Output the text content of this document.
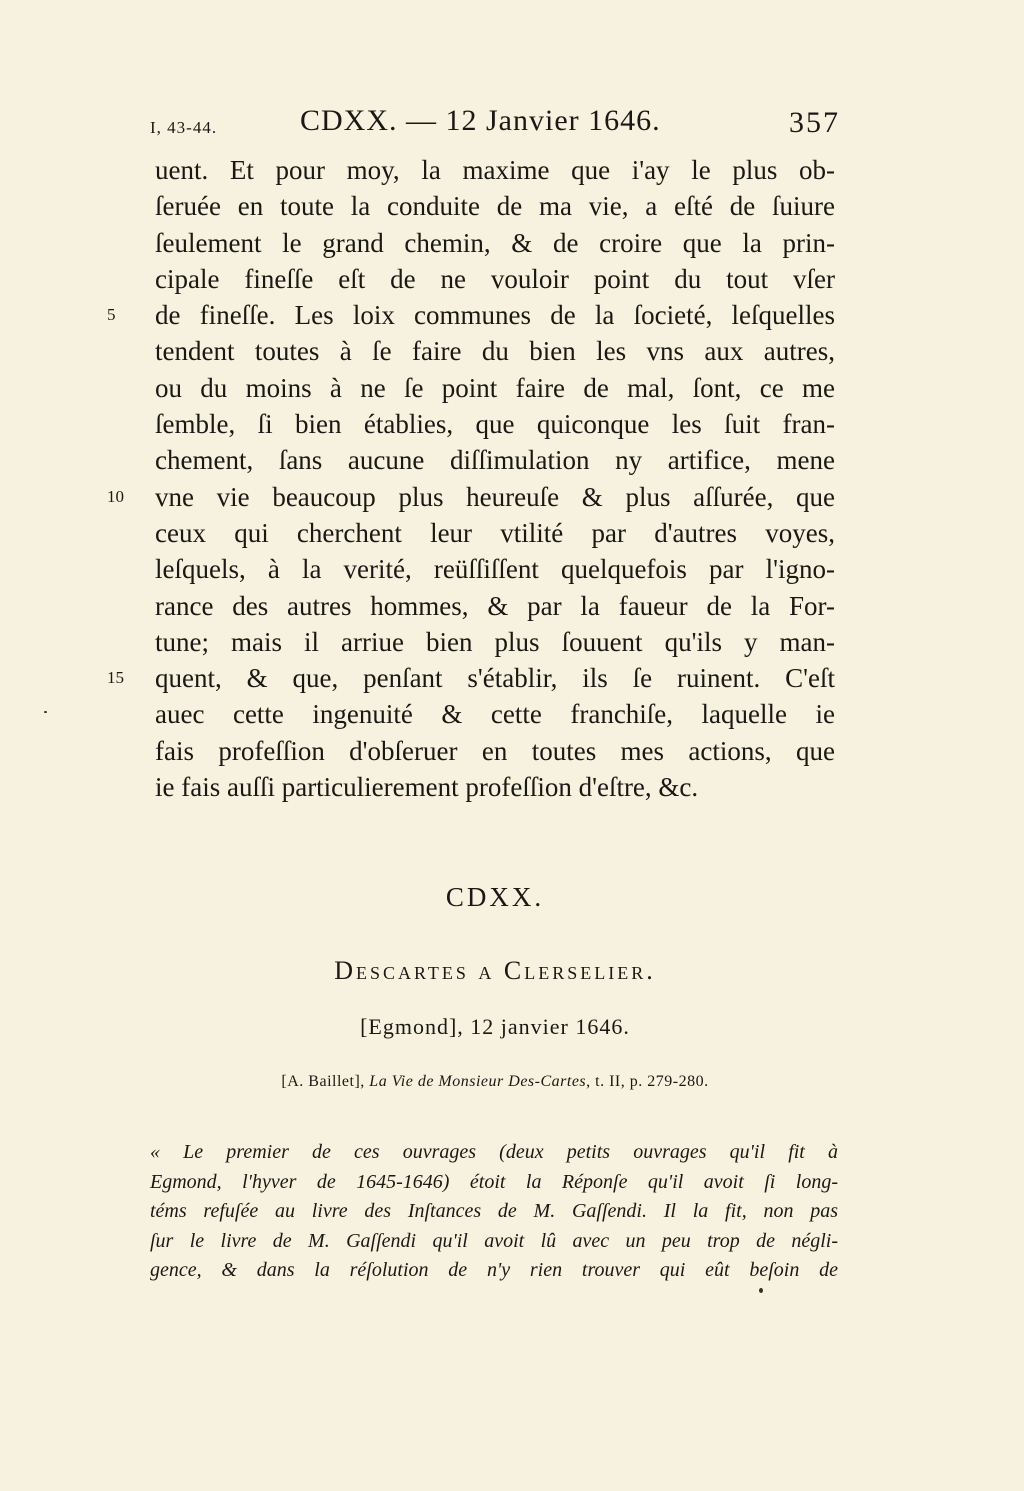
I, 43-44.	CDXX. — 12 Janvier 1646.	357
uent. Et pour moy, la maxime que i'ay le plus ob-
ſeruée en toute la conduite de ma vie, a eſté de ſuiure
ſeulement le grand chemin, & de croire que la prin-
cipale fineſſe eſt de ne vouloir point du tout vſer
5 de fineſſe. Les loix communes de la ſocieté, leſquelles
tendent toutes à ſe faire du bien les vns aux autres,
ou du moins à ne ſe point faire de mal, ſont, ce me
ſemble, ſi bien établies, que quiconque les ſuit fran-
chement, ſans aucune diſſimulation ny artifice, mene
10 vne vie beaucoup plus heureuſe & plus aſſurée, que
ceux qui cherchent leur vtilité par d'autres voyes,
leſquels, à la verité, reüſſiſſent quelquefois par l'igno-
rance des autres hommes, & par la faueur de la For-
tune; mais il arriue bien plus ſouuent qu'ils y man-
15 quent, & que, penſant s'établir, ils ſe ruinent. C'eſt
auec cette ingenuité & cette franchiſe, laquelle ie
fais profeſſion d'obſeruer en toutes mes actions, que
ie fais auſſi particulierement profeſſion d'eſtre, &c.
CDXX.
Descartes a Clerselier.
[Egmond], 12 janvier 1646.
[A. Baillet], La Vie de Monsieur Des-Cartes, t. II, p. 279-280.
« Le premier de ces ouvrages (deux petits ouvrages qu'il fit à
Egmond, l'hyver de 1645-1646) étoit la Réponſe qu'il avoit ſi long-
téms refuſée au livre des Inſtances de M. Gaſſendi. Il la fit, non pas
ſur le livre de M. Gaſſendi qu'il avoit lû avec un peu trop de négli-
gence, & dans la réſolution de n'y rien trouver qui eût beſoin de
